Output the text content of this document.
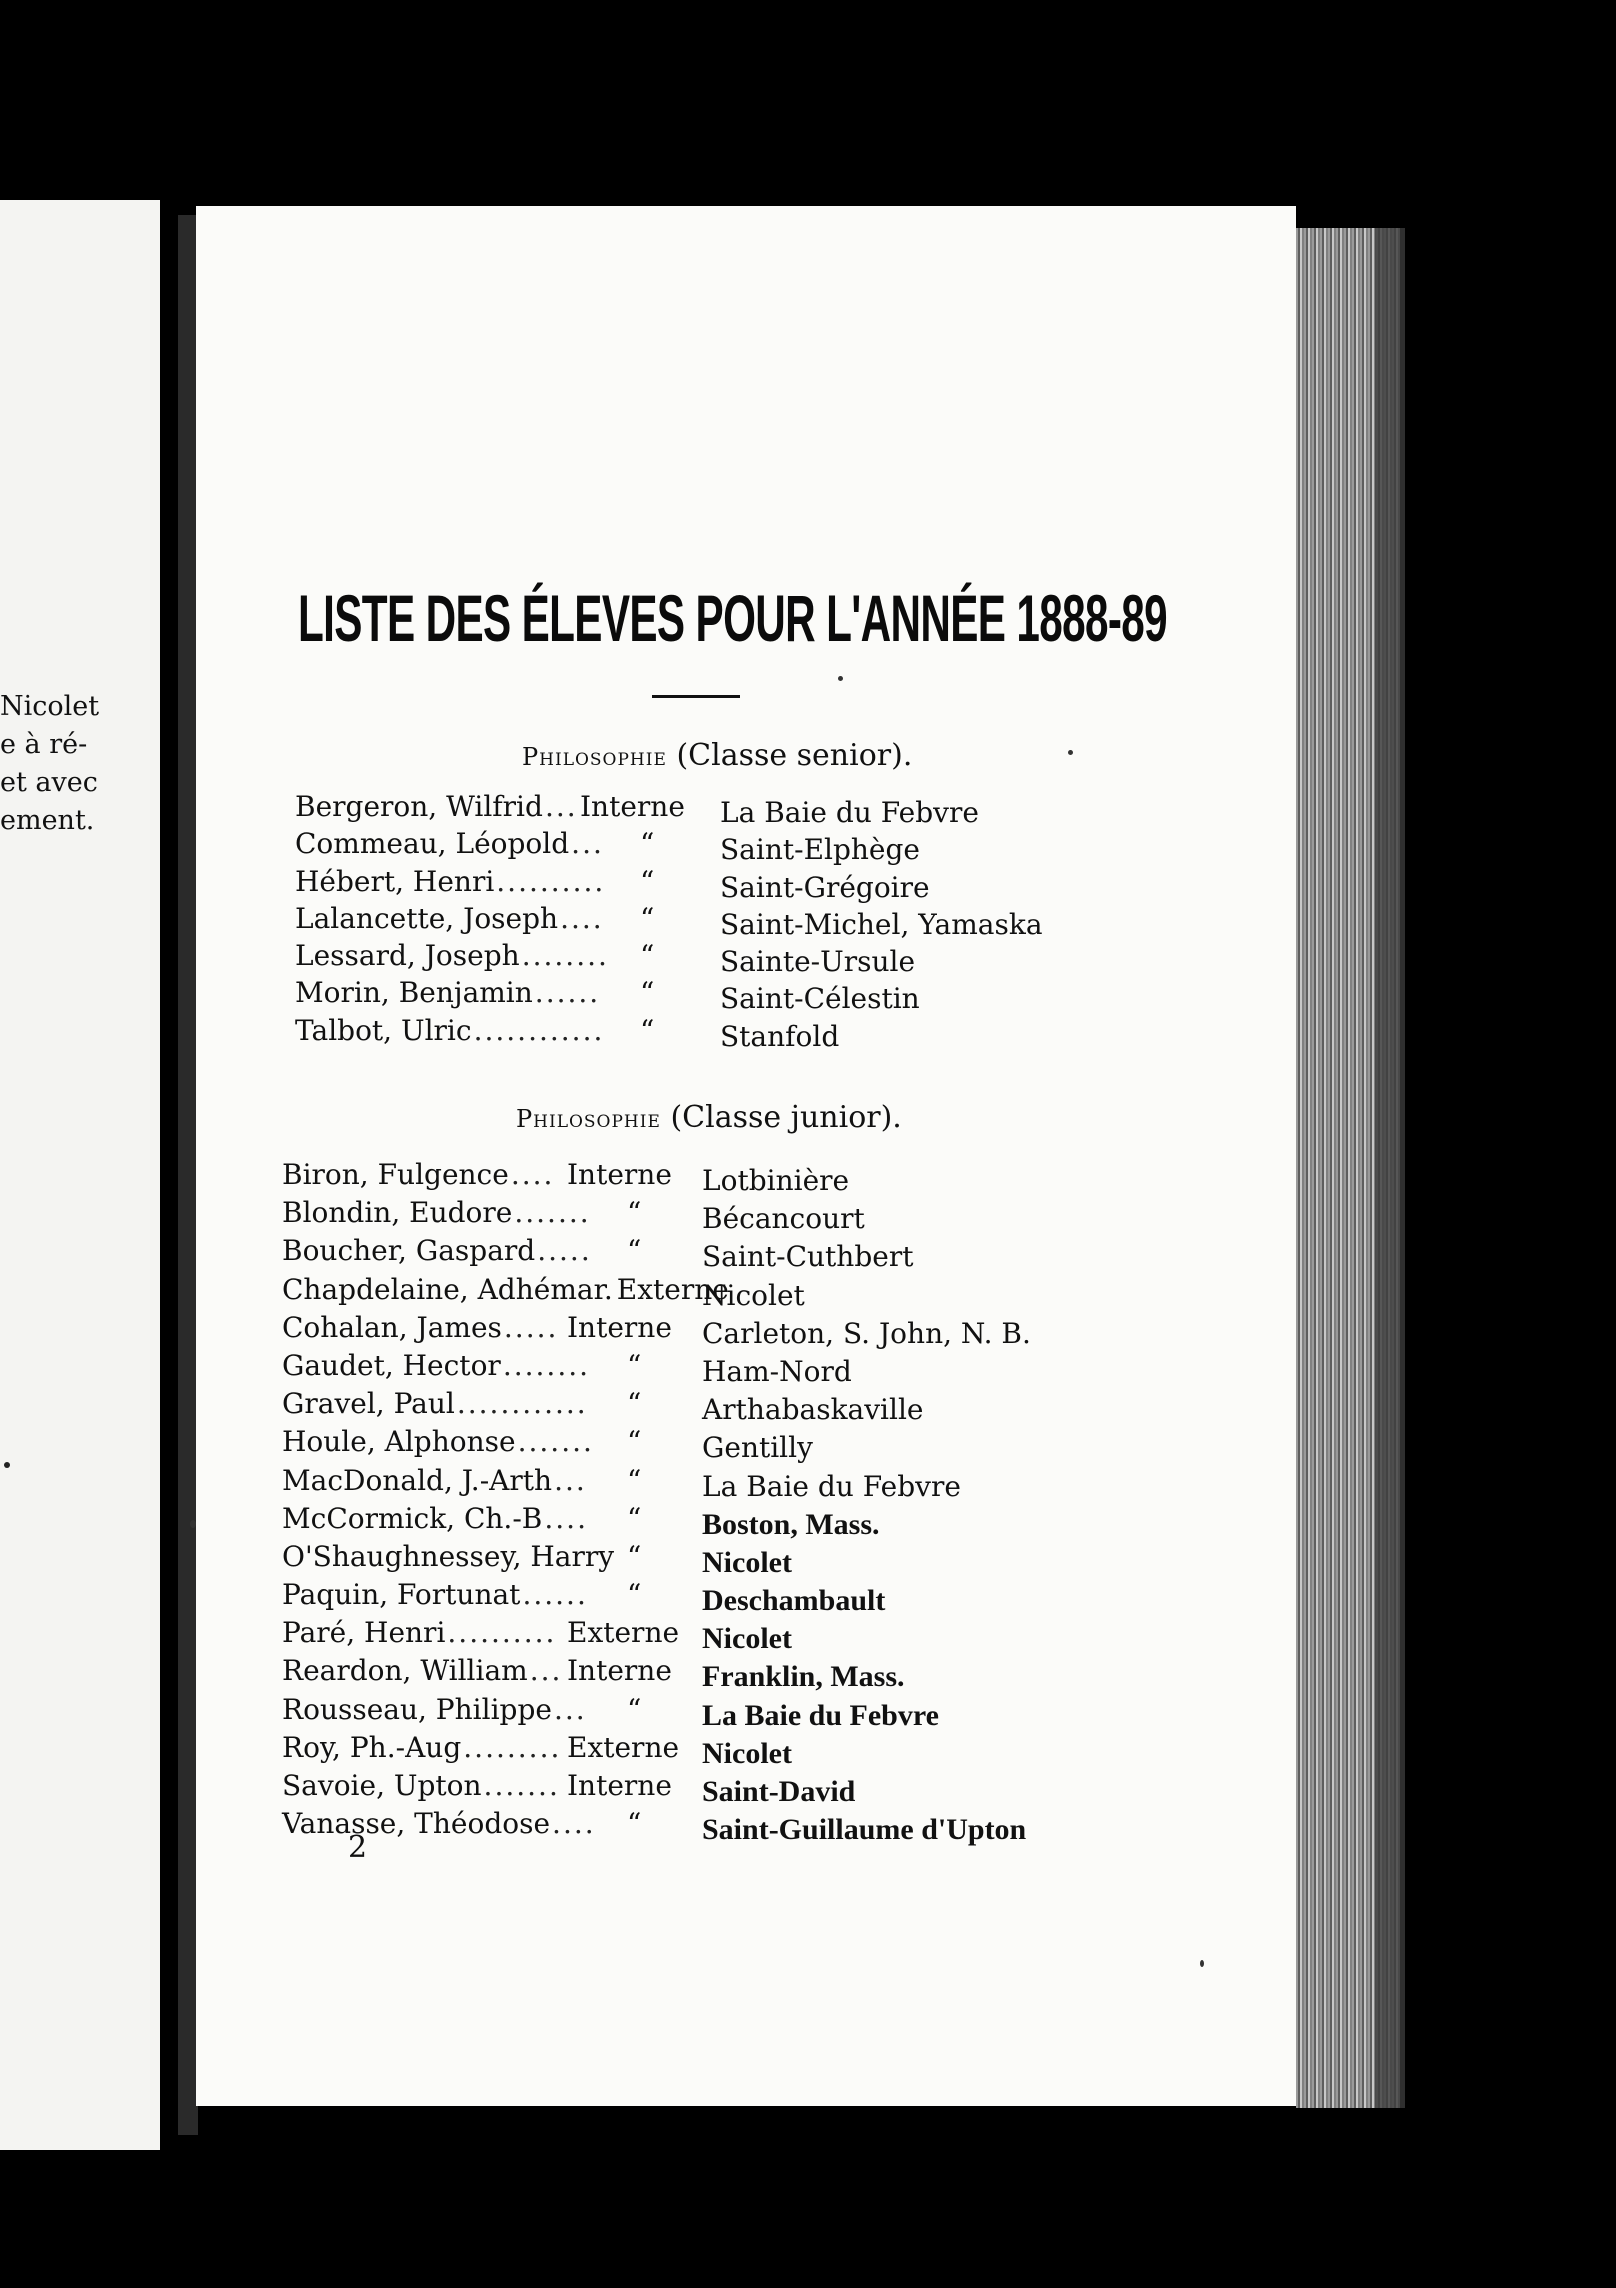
Nicolet
e à ré-
et avec
ement.
LISTE DES ÉLEVES POUR L'ANNÉE 1888-89
Philosophie (Classe senior).
Bergeron, Wilfrid ... Interne La Baie du Febvre
Commeau, Léopold ... “ Saint-Elphège
Hébert, Henri .......... “ Saint-Grégoire
Lalancette, Joseph .... “ Saint-Michel, Yamaska
Lessard, Joseph ........ “ Sainte-Ursule
Morin, Benjamin ...... “ Saint-Célestin
Talbot, Ulric ............ “ Stanfold
Philosophie (Classe junior).
Biron, Fulgence .... Interne Lotbinière
Blondin, Eudore ....... “ Bécancourt
Boucher, Gaspard ..... “ Saint-Cuthbert
Chapdelaine, Adhémar. Externe
Nicolet
Cohalan, James ..... Interne Carleton, S. John, N. B.
Gaudet, Hector ........ “ Ham-Nord
Gravel, Paul ............ “ Arthabaskaville
Houle, Alphonse ....... “ Gentilly
MacDonald, J.-Arth ... “ La Baie du Febvre
McCormick, Ch.-B .... “ Boston, Mass.
O'Shaughnessey, Harry “ Nicolet
Paquin, Fortunat ...... “ Deschambault
Paré, Henri .......... Externe Nicolet
Reardon, William ... Interne Franklin, Mass.
Rousseau, Philippe ... “ La Baie du Febvre
Roy, Ph.-Aug ......... Externe Nicolet
Savoie, Upton ....... Interne Saint-David
Vanasse, Théodose .... “ Saint-Guillaume d'Upton
2
